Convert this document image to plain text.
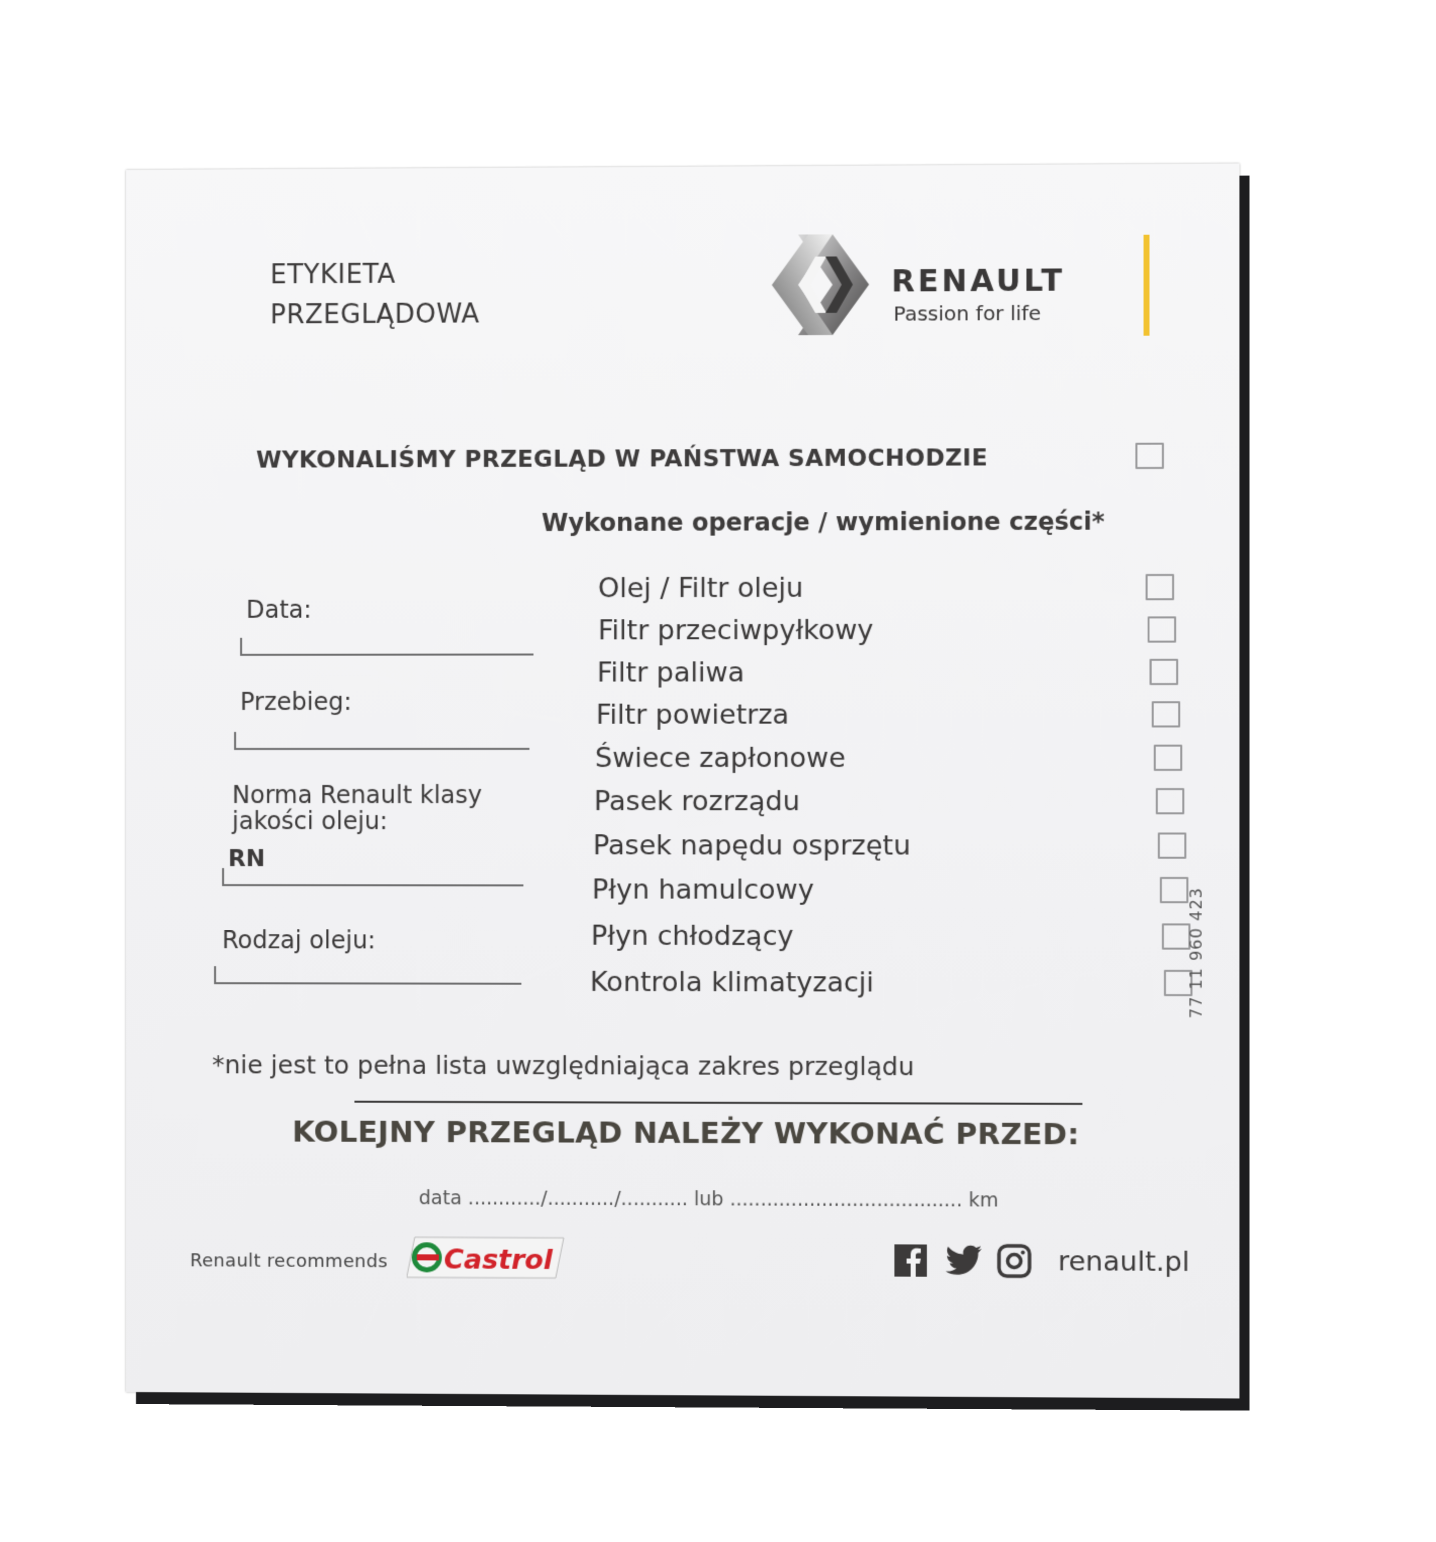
ETYKIETA
PRZEGLĄDOWA
RENAULT
Passion for life
WYKONALIŚMY PRZEGLĄD W PAŃSTWA SAMOCHODZIE
Wykonane operacje / wymienione części*
Data:
Przebieg:
Norma Renault klasy
jakości oleju:
RN
Rodzaj oleju:
Olej / Filtr oleju
Filtr przeciwpyłkowy
Filtr paliwa
Filtr powietrza
Świece zapłonowe
Pasek rozrządu
Pasek napędu osprzętu
Płyn hamulcowy
Płyn chłodzący
Kontrola klimatyzacji
*nie jest to pełna lista uwzględniająca zakres przeglądu
KOLEJNY PRZEGLĄD NALEŻY WYKONAĆ PRZED:
data ............/.........../........... lub ...................................... km
77 11 960 423
Renault recommends Castrol	renault.pl
